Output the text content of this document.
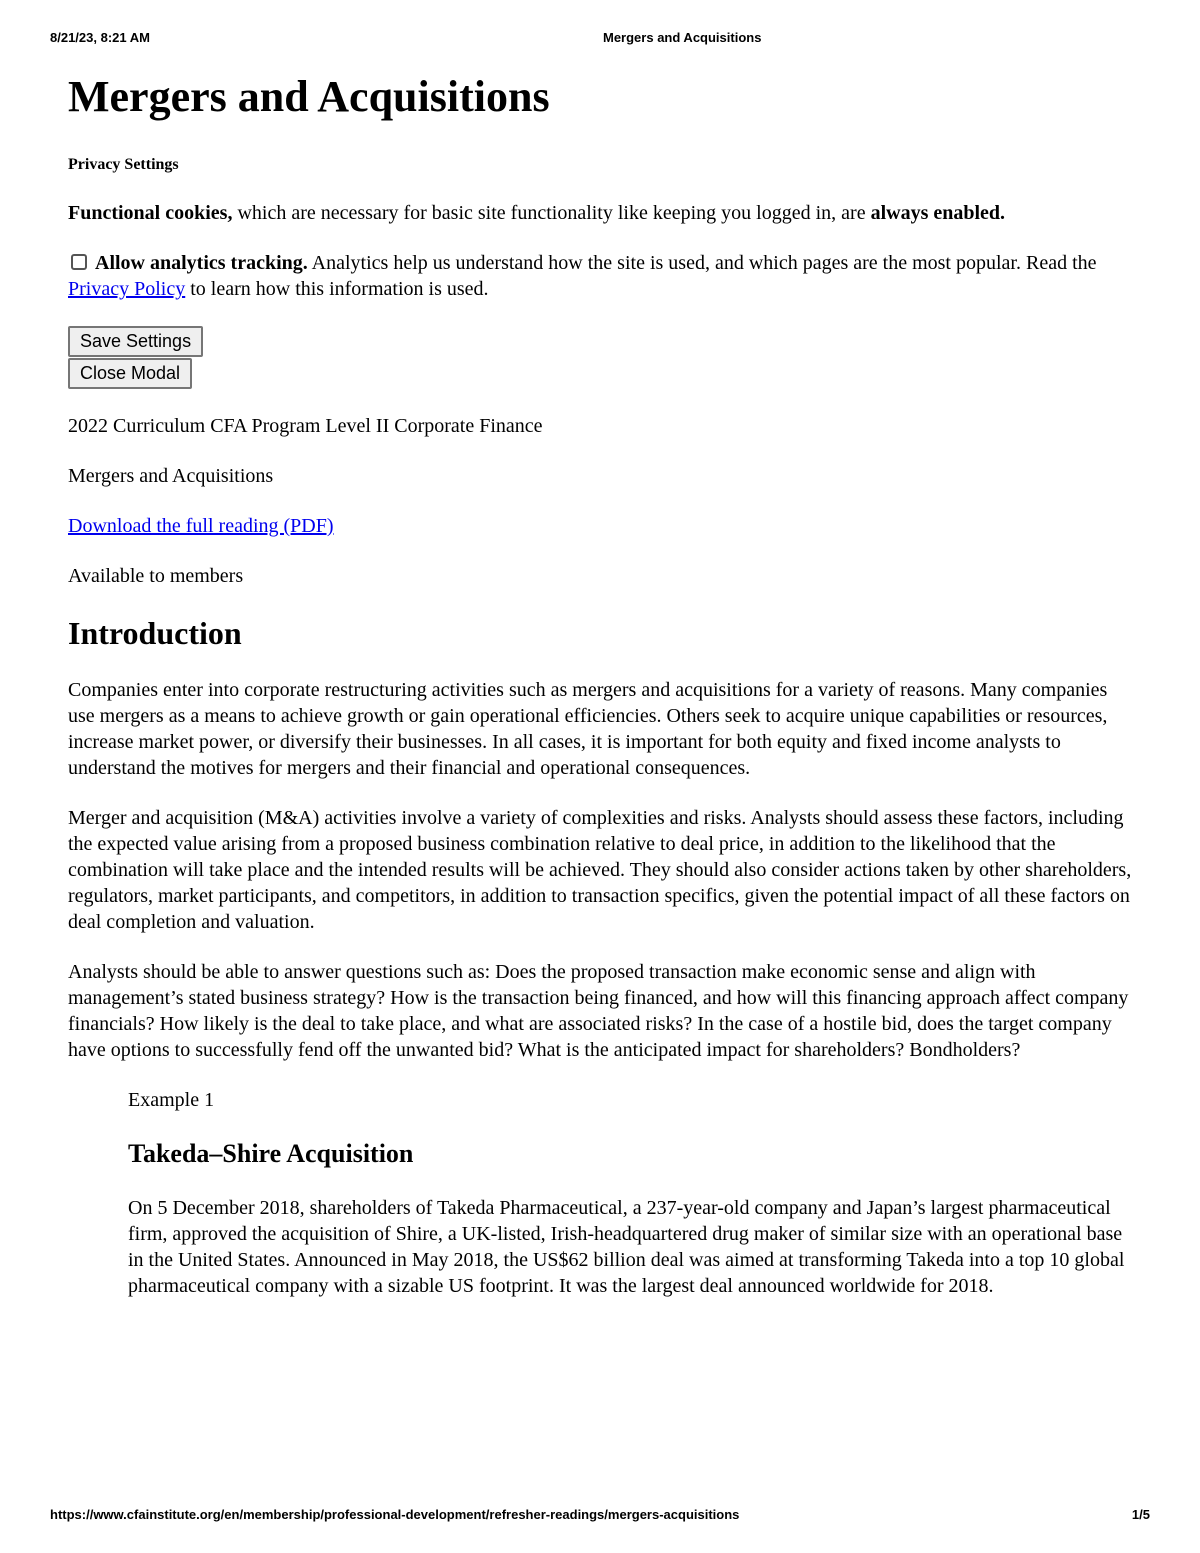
8/21/23, 8:21 AM	Mergers and Acquisitions
Mergers and Acquisitions
Privacy Settings

Functional cookies, which are necessary for basic site functionality like keeping you logged in, are always enabled.

Allow analytics tracking. Analytics help us understand how the site is used, and which pages are the most popular. Read the Privacy Policy to learn how this information is used.

Save Settings
Close Modal

2022 Curriculum CFA Program Level II Corporate Finance

Mergers and Acquisitions

Download the full reading (PDF)

Available to members

Introduction

Companies enter into corporate restructuring activities such as mergers and acquisitions for a variety of reasons. Many companies use mergers as a means to achieve growth or gain operational efficiencies. Others seek to acquire unique capabilities or resources, increase market power, or diversify their businesses. In all cases, it is important for both equity and fixed income analysts to understand the motives for mergers and their financial and operational consequences.

Merger and acquisition (M&A) activities involve a variety of complexities and risks. Analysts should assess these factors, including the expected value arising from a proposed business combination relative to deal price, in addition to the likelihood that the combination will take place and the intended results will be achieved. They should also consider actions taken by other shareholders, regulators, market participants, and competitors, in addition to transaction specifics, given the potential impact of all these factors on deal completion and valuation.

Analysts should be able to answer questions such as: Does the proposed transaction make economic sense and align with management’s stated business strategy? How is the transaction being financed, and how will this financing approach affect company financials? How likely is the deal to take place, and what are associated risks? In the case of a hostile bid, does the target company have options to successfully fend off the unwanted bid? What is the anticipated impact for shareholders? Bondholders?

Example 1

Takeda–Shire Acquisition

On 5 December 2018, shareholders of Takeda Pharmaceutical, a 237-year-old company and Japan’s largest pharmaceutical firm, approved the acquisition of Shire, a UK-listed, Irish-headquartered drug maker of similar size with an operational base in the United States. Announced in May 2018, the US$62 billion deal was aimed at transforming Takeda into a top 10 global pharmaceutical company with a sizable US footprint. It was the largest deal announced worldwide for 2018.

https://www.cfainstitute.org/en/membership/professional-development/refresher-readings/mergers-acquisitions	1/5
